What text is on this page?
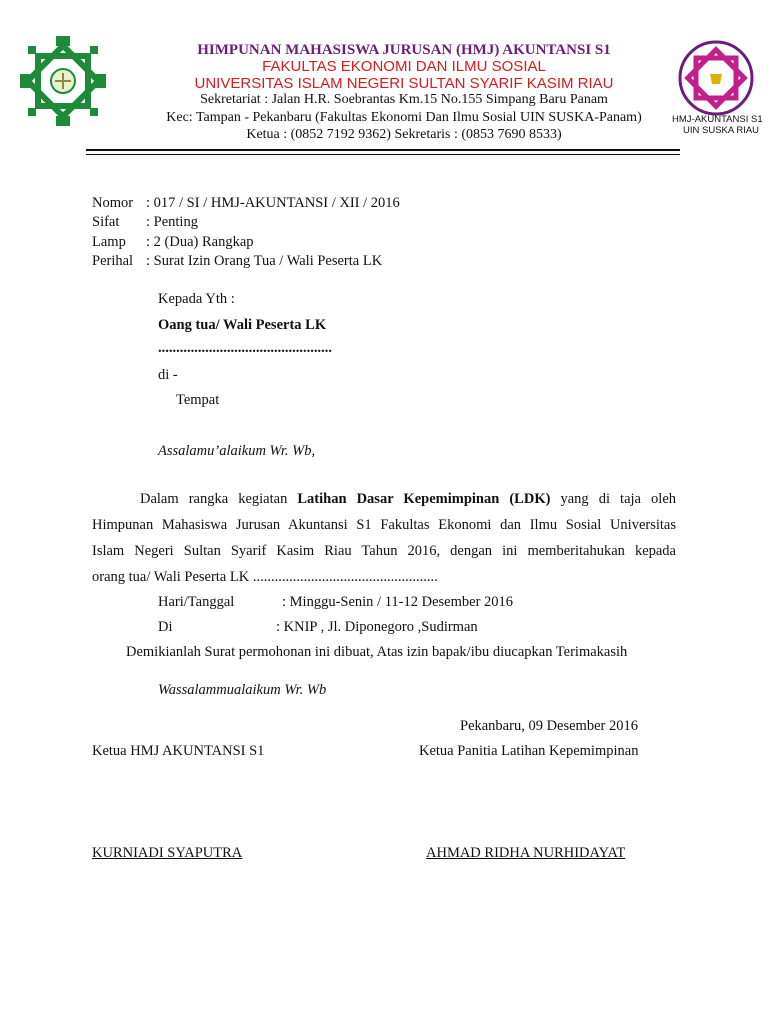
HMJ-AKUNTANSI S1
UIN SUSKA RIAU
HIMPUNAN MAHASISWA JURUSAN (HMJ) AKUNTANSI S1
FAKULTAS EKONOMI DAN ILMU SOSIAL
UNIVERSITAS ISLAM NEGERI SULTAN SYARIF KASIM RIAU
Sekretariat : Jalan H.R. Soebrantas Km.15 No.155 Simpang Baru Panam
Kec: Tampan - Pekanbaru (Fakultas Ekonomi Dan Ilmu Sosial UIN SUSKA-Panam)
Ketua : (0852 7192 9362) Sekretaris : (0853 7690 8533)
Nomor : 017 / SI / HMJ-AKUNTANSI / XII / 2016
Sifat : Penting
Lamp : 2 (Dua) Rangkap
Perihal : Surat Izin Orang Tua / Wali Peserta LK
Kepada Yth :
Oang tua/ Wali Peserta LK
................................................
di -
Tempat
Assalamu’alaikum Wr. Wb,
Dalam rangka kegiatan Latihan Dasar Kepemimpinan (LDK) yang di taja oleh
Himpunan Mahasiswa Jurusan Akuntansi S1 Fakultas Ekonomi dan Ilmu Sosial Universitas
Islam Negeri Sultan Syarif Kasim Riau Tahun 2016, dengan ini memberitahukan kepada
orang tua/ Wali Peserta LK ...................................................
Hari/Tanggal	: Minggu-Senin / 11-12 Desember 2016
Di	: KNIP , Jl. Diponegoro ,Sudirman
Demikianlah Surat permohonan ini dibuat, Atas izin bapak/ibu diucapkan Terimakasih
Wassalammualaikum Wr. Wb
Pekanbaru, 09 Desember 2016
Ketua HMJ AKUNTANSI S1	Ketua Panitia Latihan Kepemimpinan
KURNIADI SYAPUTRA	AHMAD RIDHA NURHIDAYAT
